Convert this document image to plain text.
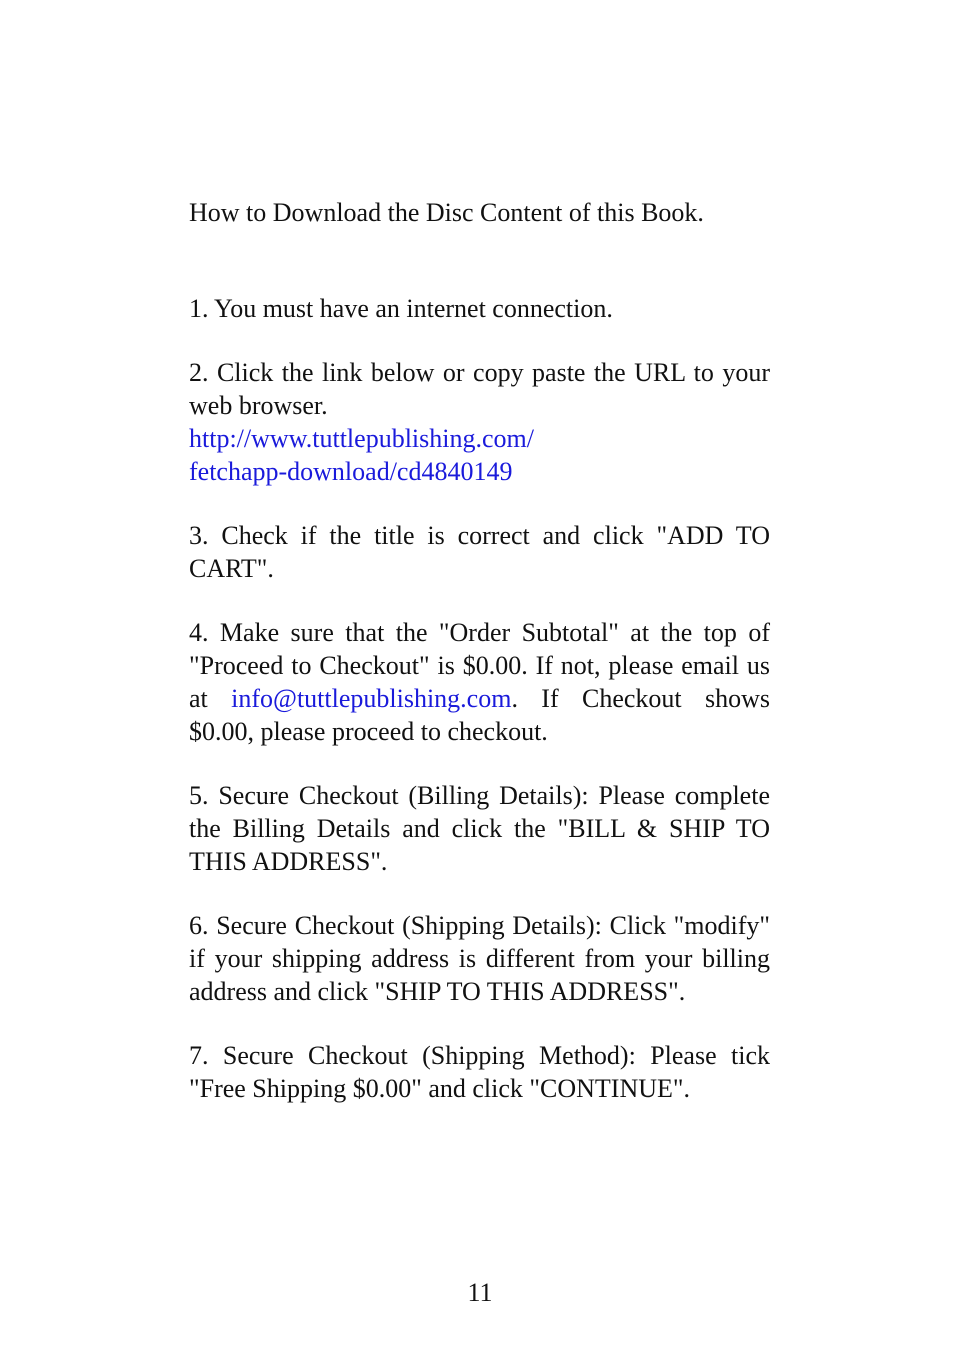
How to Download the Disc Content of this Book.

1. You must have an internet connection.

2. Click the link below or copy paste the URL to your web browser.
http://www.tuttlepublishing.com/
fetchapp-download/cd4840149

3. Check if the title is correct and click "ADD TO CART".

4. Make sure that the "Order Subtotal" at the top of "Proceed to Checkout" is $0.00. If not, please email us at info@tuttlepublishing.com. If Checkout shows $0.00, please proceed to checkout.

5. Secure Checkout (Billing Details): Please complete the Billing Details and click the "BILL & SHIP TO THIS ADDRESS".

6. Secure Checkout (Shipping Details): Click "modify" if your shipping address is different from your billing address and click "SHIP TO THIS ADDRESS".

7. Secure Checkout (Shipping Method): Please tick "Free Shipping $0.00" and click "CONTINUE".

11
